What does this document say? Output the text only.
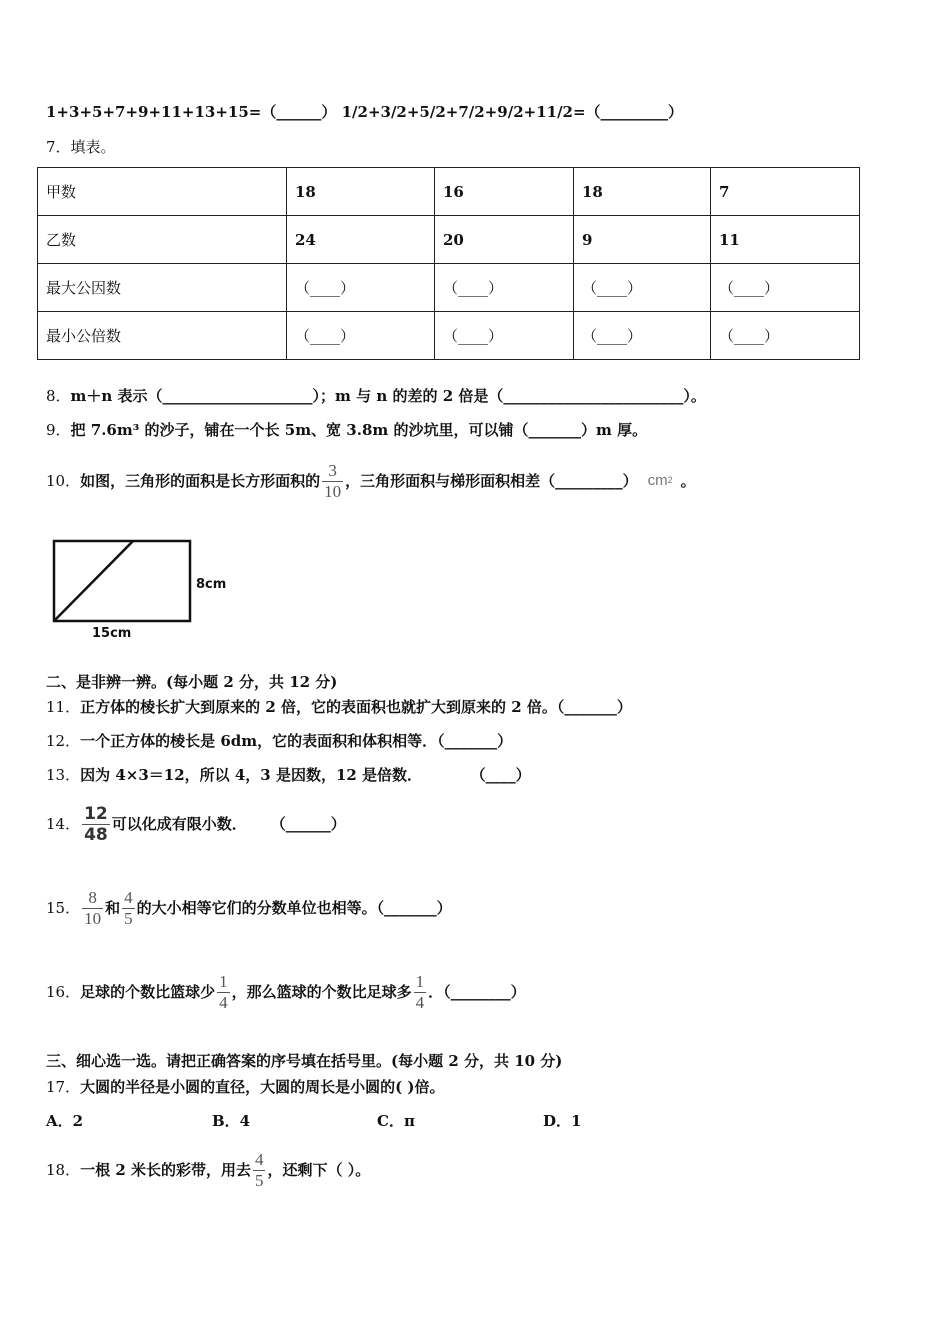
1+3+5+7+9+11+13+15=（______） 1/2+3/2+5/2+7/2+9/2+11/2=（_________）
7．填表。
甲数	18	16	18	7
乙数	24	20	9	11
最大公因数	（____）	（____）	（____）	（____）
最小公倍数	（____）	（____）	（____）	（____）
8．m＋n 表示（____________________）；m 与 n 的差的 2 倍是（________________________）。
9．把 7.6m³ 的沙子，铺在一个长 5m、宽 3.8m 的沙坑里，可以铺（_______）m 厚。
10． 如图，三角形的面积是长方形面积的 $\frac{3}{10}$ ，三角形面积与梯形面积相差（_________） cm 2 。
8cm
15cm
二、是非辨一辨。(每小题 2 分，共 12 分)
11．正方体的棱长扩大到原来的 2 倍，它的表面积也就扩大到原来的 2 倍。（_______）
12．一个正方体的棱长是 6dm，它的表面积和体积相等．（_______）
13．因为 4×3＝12，所以 4，3 是因数，12 是倍数．	（____）
14． $\frac{12}{48}$ 可以化成有限小数． （______）
15． $\frac{8}{10}$ 和 $\frac{4}{5}$ 的大小相等它们的分数单位也相等。（_______）
16． 足球的个数比篮球少 $\frac{1}{4}$ ，那么篮球的个数比足球多 $\frac{1}{4}$ ．（________）
三、细心选一选。请把正确答案的序号填在括号里。(每小题 2 分，共 10 分)
17．大圆的半径是小圆的直径，大圆的周长是小圆的( )倍。
A．2	B．4	C．π	D．1
18． 一根 2 米长的彩带，用去 $\frac{4}{5}$ ，还剩下（ ）。
